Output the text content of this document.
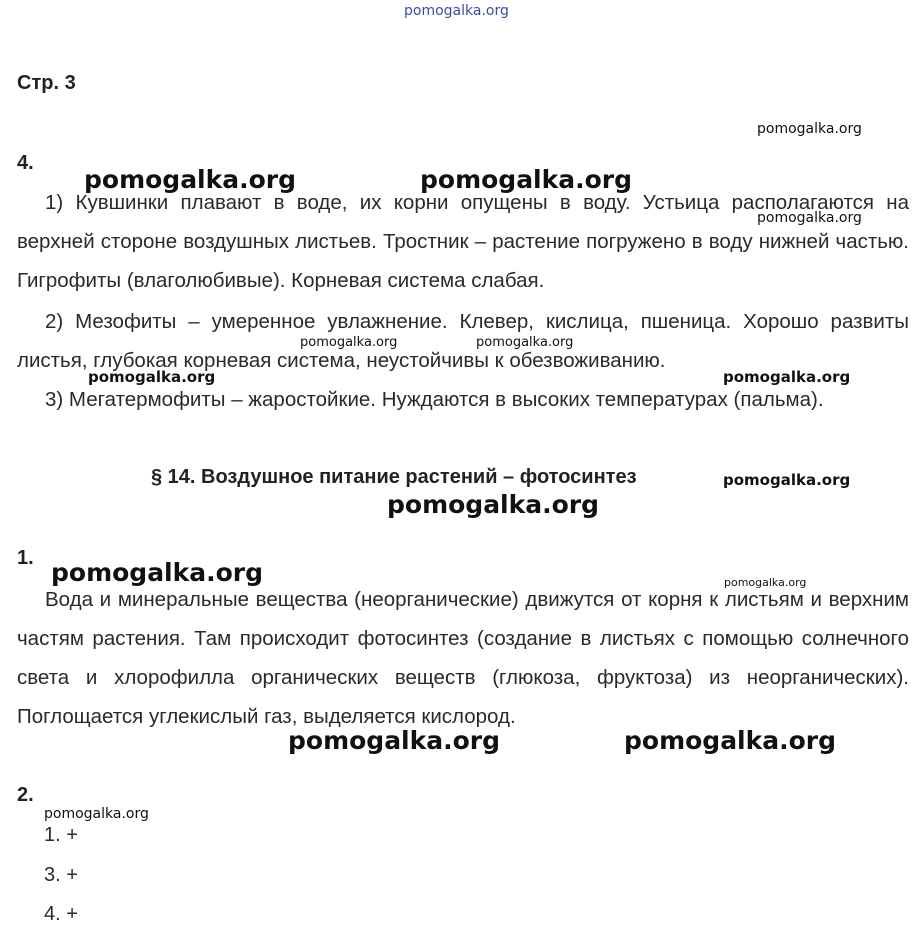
pomogalka.org
Стр. 3
4.

1) Кувшинки плавают в воде, их корни опущены в воду. Устьица располагаются на верхней стороне воздушных листьев. Тростник – растение погружено в воду нижней частью. Гигрофиты (влаголюбивые). Корневая система слабая.

2) Мезофиты – умеренное увлажнение. Клевер, кислица, пшеница. Хорошо развиты листья, глубокая корневая система, неустойчивы к обезвоживанию.

3) Мегатермофиты – жаростойкие. Нуждаются в высоких температурах (пальма).

§ 14. Воздушное питание растений – фотосинтез
1.

Вода и минеральные вещества (неорганические) движутся от корня к листьям и верхним частям растения. Там происходит фотосинтез (создание в листьях с помощью солнечного света и хлорофилла органических веществ (глюкоза, фруктоза) из неорганических). Поглощается углекислый газ, выделяется кислород.

2.
1. +
3. +
4. +
pomogalka.org
pomogalka.org	pomogalka.org
pomogalka.org
pomogalka.org	pomogalka.org
pomogalka.org	pomogalka.org
pomogalka.org
pomogalka.org
pomogalka.org	pomogalka.org
pomogalka.org	pomogalka.org
pomogalka.org
